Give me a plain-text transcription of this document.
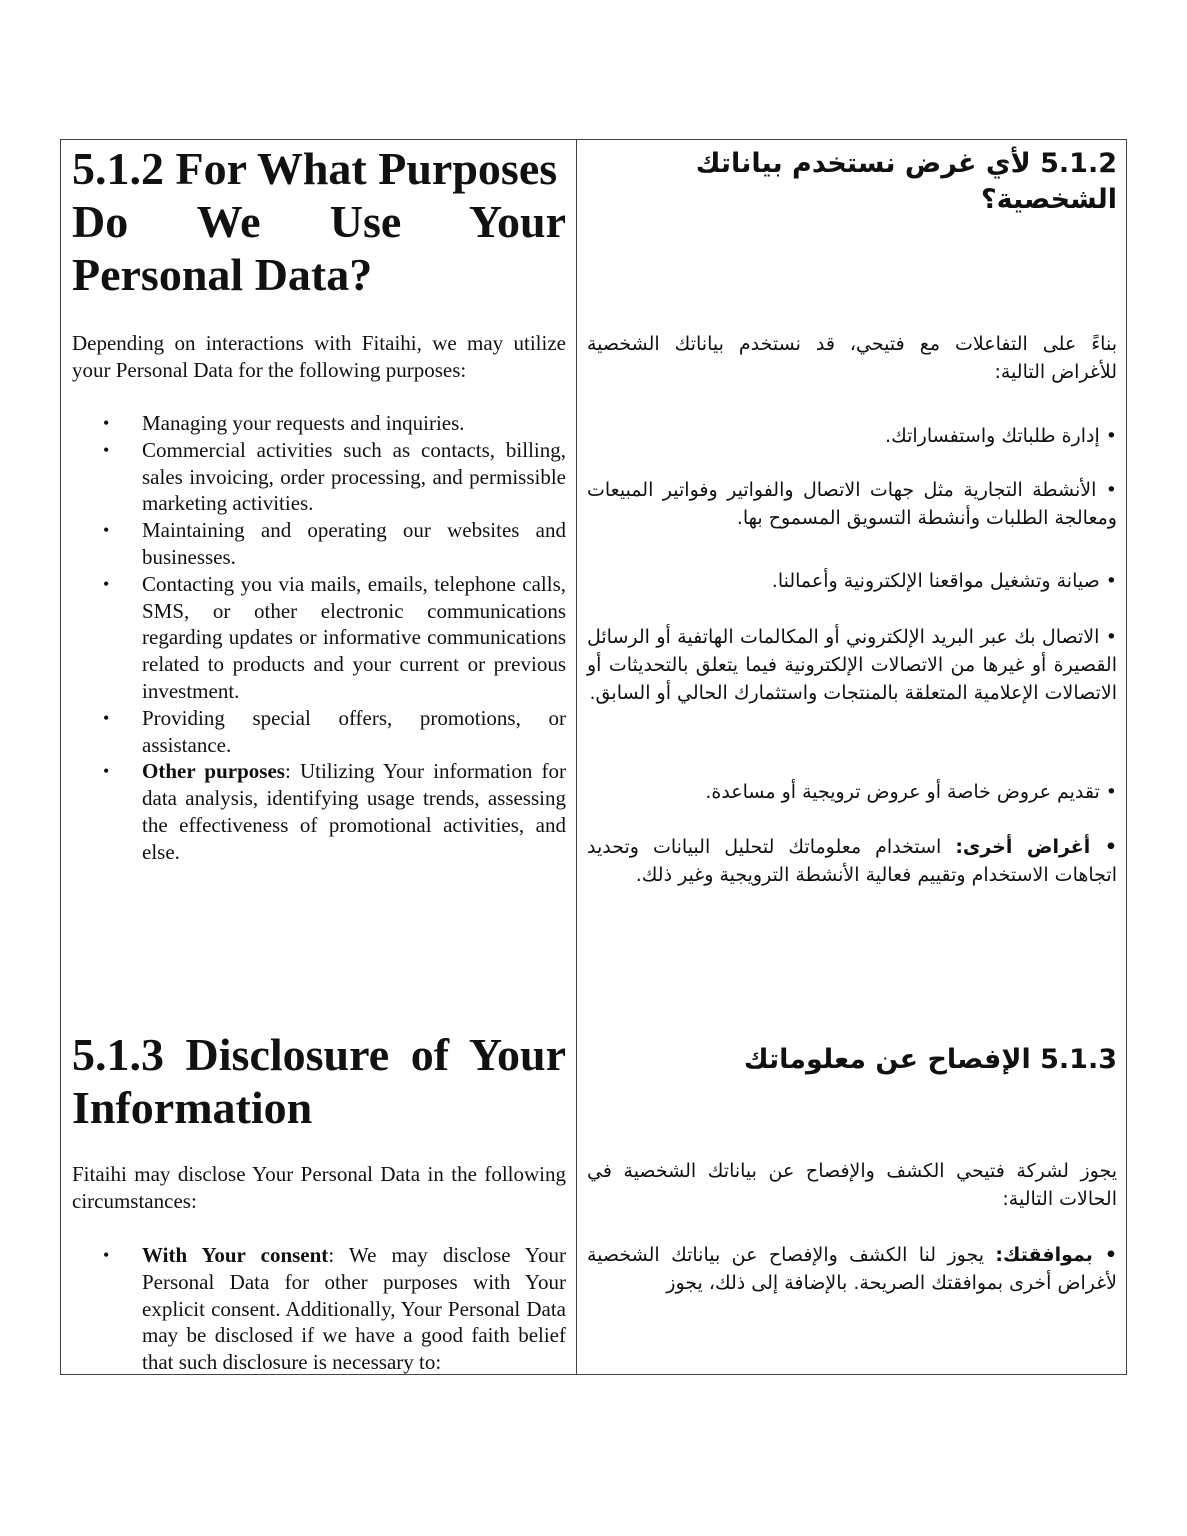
5.1.2 For What Purposes
Do We Use Your
Personal Data?

Depending on interactions with Fitaihi, we may utilize your Personal Data for the following purposes:

• Managing your requests and inquiries.
• Commercial activities such as contacts, billing, sales invoicing, order processing, and permissible marketing activities.
• Maintaining and operating our websites and businesses.
• Contacting you via mails, emails, telephone calls, SMS, or other electronic communications regarding updates or informative communications related to products and your current or previous investment.
• Providing special offers, promotions, or assistance.
• Other purposes: Utilizing Your information for data analysis, identifying usage trends, assessing the effectiveness of promotional activities, and else.
5.1.3 Disclosure of Your
Information

Fitaihi may disclose Your Personal Data in the following circumstances:

• With Your consent: We may disclose Your Personal Data for other purposes with Your explicit consent. Additionally, Your Personal Data may be disclosed if we have a good faith belief that such disclosure is necessary to:
5.1.2 لأي غرض نستخدم بياناتك الشخصية؟

بناءً على التفاعلات مع فتيحي، قد نستخدم بياناتك الشخصية للأغراض التالية:

• إدارة طلباتك واستفساراتك.

• الأنشطة التجارية مثل جهات الاتصال والفواتير وفواتير المبيعات ومعالجة الطلبات وأنشطة التسويق المسموح بها.

• صيانة وتشغيل مواقعنا الإلكترونية وأعمالنا.

• الاتصال بك عبر البريد الإلكتروني أو المكالمات الهاتفية أو الرسائل القصيرة أو غيرها من الاتصالات الإلكترونية فيما يتعلق بالتحديثات أو الاتصالات الإعلامية المتعلقة بالمنتجات واستثمارك الحالي أو السابق.

• تقديم عروض خاصة أو عروض ترويجية أو مساعدة.

• أغراض أخرى: استخدام معلوماتك لتحليل البيانات وتحديد اتجاهات الاستخدام وتقييم فعالية الأنشطة الترويجية وغير ذلك.

5.1.3 الإفصاح عن معلوماتك

يجوز لشركة فتيحي الكشف والإفصاح عن بياناتك الشخصية في الحالات التالية:

• بموافقتك: يجوز لنا الكشف والإفصاح عن بياناتك الشخصية لأغراض أخرى بموافقتك الصريحة. بالإضافة إلى ذلك، يجوز
